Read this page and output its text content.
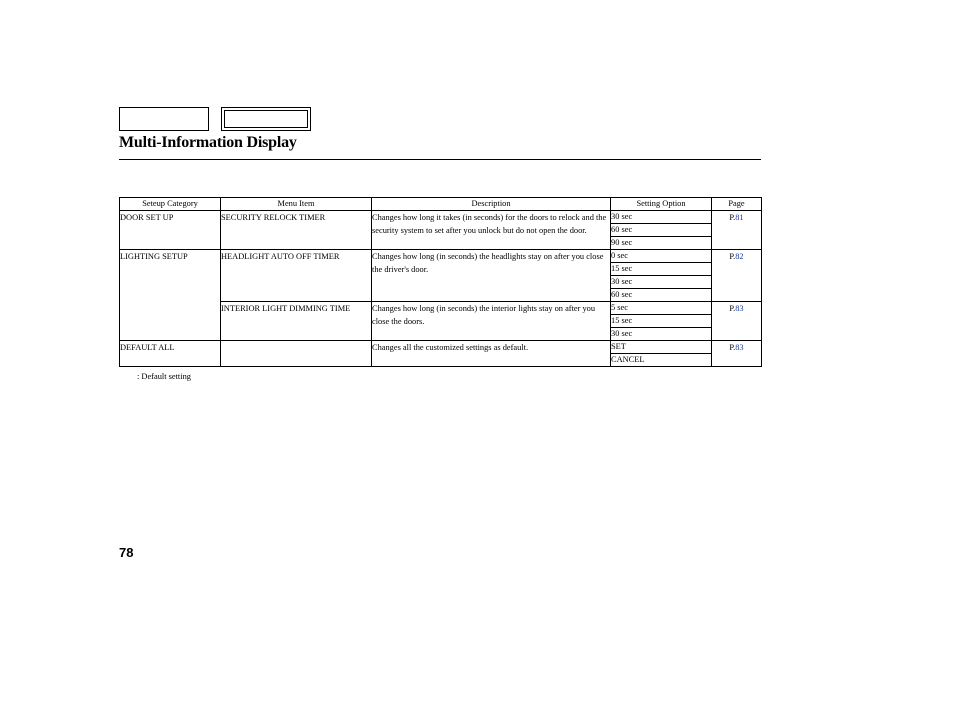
Multi-Information Display
Seteup Category	Menu Item	Description	Setting Option	Page
DOOR SET UP	SECURITY RELOCK TIMER	Changes how long it takes (in seconds) for the doors to relock and the security system to set after you unlock but do not open the door.	30 sec	P.81
			60 sec	
			90 sec	
LIGHTING SETUP	HEADLIGHT AUTO OFF TIMER	Changes how long (in seconds) the headlights stay on after you close the driver's door.	0 sec	P.82
			15 sec	
			30 sec	
			60 sec	
	INTERIOR LIGHT DIMMING TIME	Changes how long (in seconds) the interior lights stay on after you close the doors.	5 sec	P.83
			15 sec	
			30 sec	
DEFAULT ALL		Changes all the customized settings as default.	SET	P.83
			CANCEL	
: Default setting
78
